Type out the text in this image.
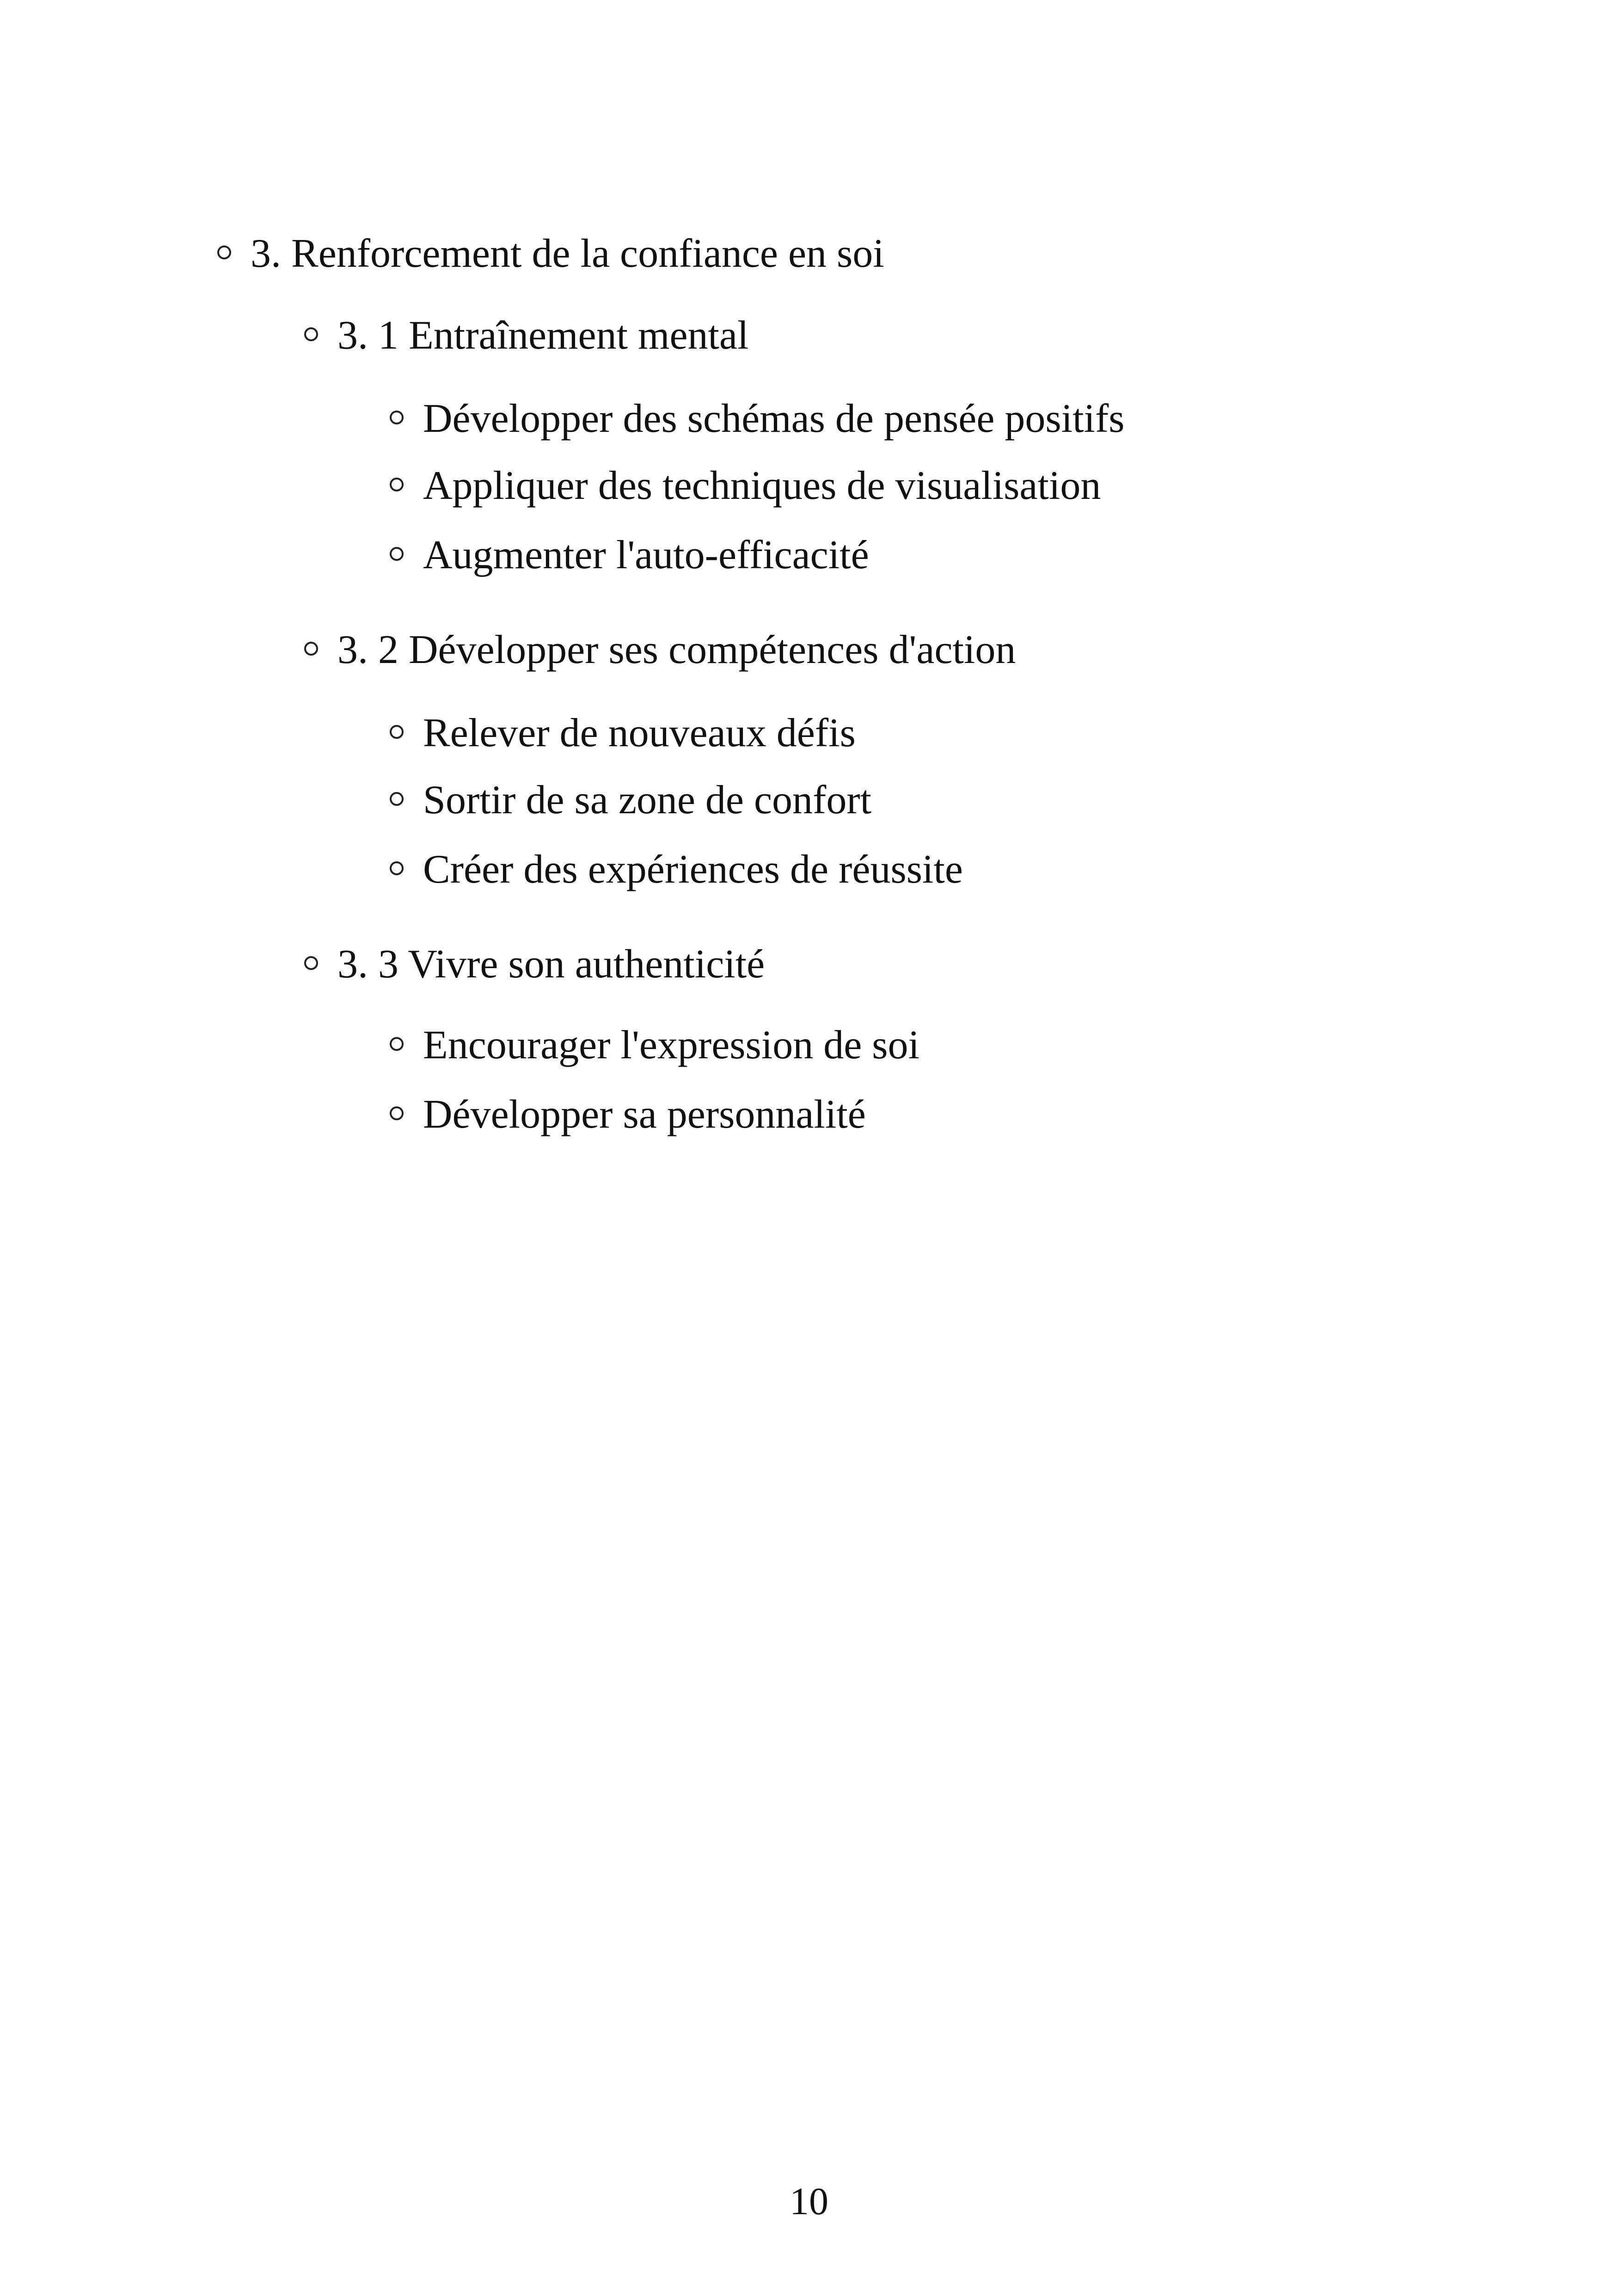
3. Renforcement de la confiance en soi
3. 1 Entraînement mental
Développer des schémas de pensée positifs
Appliquer des techniques de visualisation
Augmenter l'auto-efficacité
3. 2 Développer ses compétences d'action
Relever de nouveaux défis
Sortir de sa zone de confort
Créer des expériences de réussite
3. 3 Vivre son authenticité
Encourager l'expression de soi
Développer sa personnalité
10
